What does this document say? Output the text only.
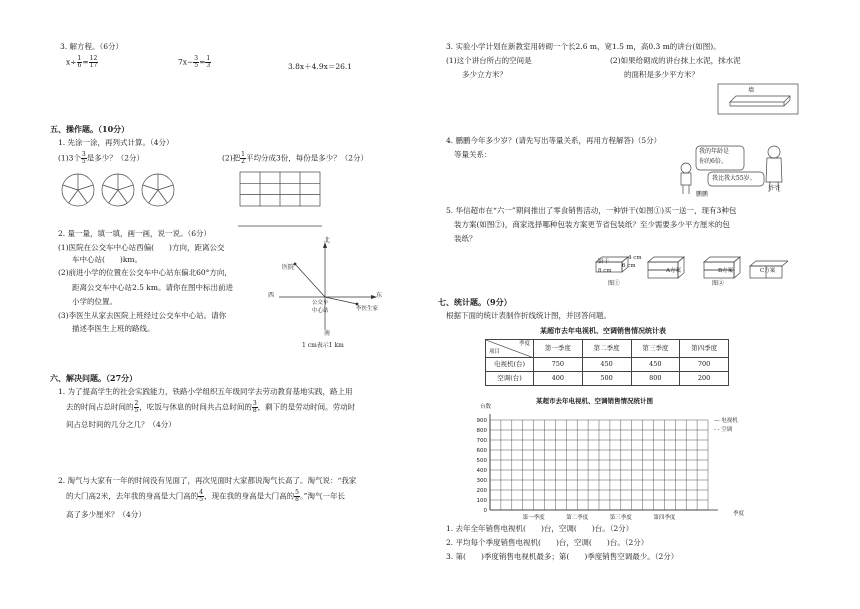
3. 解方程。（6分）
$x\div \frac{1}{6} = \frac{12}{17}$	$7x- \frac{3}{5} = \frac{1}{3}$	3.8x＋4.9x＝26.1
五、操作题。（10分）
1. 先涂一涂，再列式计算。（4分）
(1)3个 $\frac{3}{5}$ 是多少？（2分）	(2)把 $\frac{1}{2}$ 平均分成3份，每份是多少？（2分）
2. 量一量，填一填，画一画，说一说。（6分）
(1)医院在公交车中心站西偏(　　)方向，距离公交
车中心站(　　)km。
(2)前进小学的位置在公交车中心站东偏北60°方向，
距离公交车中心站2.5 km。请你在图中标出前进
小学的位置。
(3)李医生从家去医院上班经过公交车中心站。请你
描述李医生上班的路线。
北
南
西	东
医院
公交车
中心站	李医生家
1 cm表示1 km
六、解决问题。（27分）
1. 为了提高学生的社会实践能力，铁路小学组织五年级同学去劳动教育基地实践，路上用
去的时间占总时间的 $\frac{2}{5}$ ，吃饭与休息的时间共占总时间的 $\frac{3}{8}$ ，剩下的是劳动时间。劳动时
间占总时间的几分之几？（4分）
2. 淘气与大家有一年的时间没有见面了，再次见面时大家都说淘气长高了。淘气说：“我家
的大门高2米，去年我的身高是大门高的 $\frac{4}{5}$ ，现在我的身高是大门高的 $\frac{5}{8}$ 。”淘气一年长
高了多少厘米？（4分）
3. 实验小学计划在新教室用砖砌一个长2.6 m，宽1.5 m，高0.3 m的讲台(如图)。
(1)这个讲台所占的空间是
多少立方米？
(2)如果给砌成的讲台抹上水泥，抹水泥
的面积是多少平方米？
墙
4. 鹏鹏今年多少岁？(请先写出等量关系，再用方程解答)（5分）
等量关系：	我的年龄是
你的6倍。
我比我大55岁。
鹏鹏
爷爷
5. 华信超市在“六一”期间推出了零食销售活动，一种饼干(如图①)买一送一，现有3种包
装方案(如图②)，商家选择哪种包装方案更节省包装纸？至少需要多少平方厘米的包
装纸？
饼干
8 cm
6 cm
4 cm
A方案	B方案	C方案
图①	图②
七、统计题。（9分）
根据下面的统计表制作折线统计图，并回答问题。
某超市去年电视机、空调销售情况统计表
季度
项目	第一季度	第二季度	第三季度	第四季度
电视机(台)	750	450	450	700
空调(台)	400	500	800	200
某超市去年电视机、空调销售情况统计图
台数
0
100
200
300
400
500
600
700
800
900
第一季度	第二季度	第三季度	第四季度
季度
— 电视机
- - 空调
1. 去年全年销售电视机(　　)台，空调(　　)台。（2分）
2. 平均每个季度销售电视机(　　)台，空调(　　)台。（2分）
3. 第(　　)季度销售电视机最多；第(　　)季度销售空调最少。（2分）
